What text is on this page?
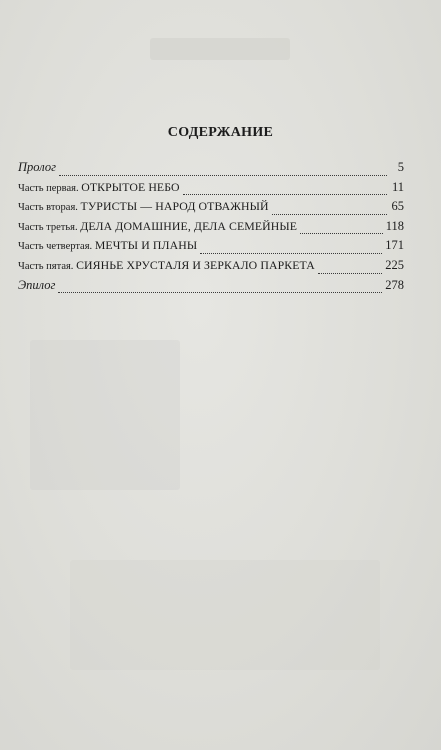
СОДЕРЖАНИЕ
Пролог	5
Часть первая. ОТКРЫТОЕ НЕБО	11
Часть вторая. ТУРИСТЫ — НАРОД ОТВАЖНЫЙ	65
Часть третья. ДЕЛА ДОМАШНИЕ, ДЕЛА СЕМЕЙНЫЕ	118
Часть четвертая. МЕЧТЫ И ПЛАНЫ	171
Часть пятая. СИЯНЬЕ ХРУСТАЛЯ И ЗЕРКАЛО ПАРКЕТА	225
Эпилог	278
